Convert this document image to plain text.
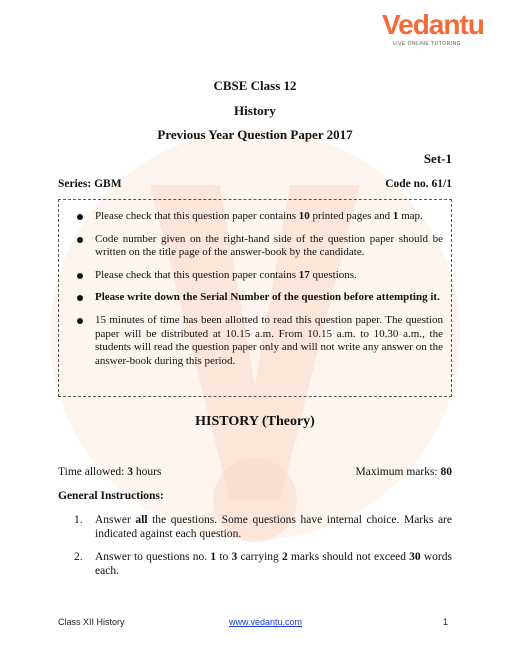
Vedantu
LIVE ONLINE TUTORING
CBSE Class 12
History
Previous Year Question Paper 2017
Set-1
Series: GBM	Code no. 61/1
Please check that this question paper contains 10 printed pages and 1 map.
Code number given on the right-hand side of the question paper should be written on the title page of the answer-book by the candidate.
Please check that this question paper contains 17 questions.
Please write down the Serial Number of the question before attempting it.
15 minutes of time has been allotted to read this question paper. The question paper will be distributed at 10.15 a.m. From 10.15 a.m. to 10.30 a.m., the students will read the question paper only and will not write any answer on the answer-book during this period.
HISTORY (Theory)
Time allowed: 3 hours	Maximum marks: 80
General Instructions:
1. Answer all the questions. Some questions have internal choice. Marks are indicated against each question.
2. Answer to questions no. 1 to 3 carrying 2 marks should not exceed 30 words each.
Class XII History	www.vedantu.com	1
